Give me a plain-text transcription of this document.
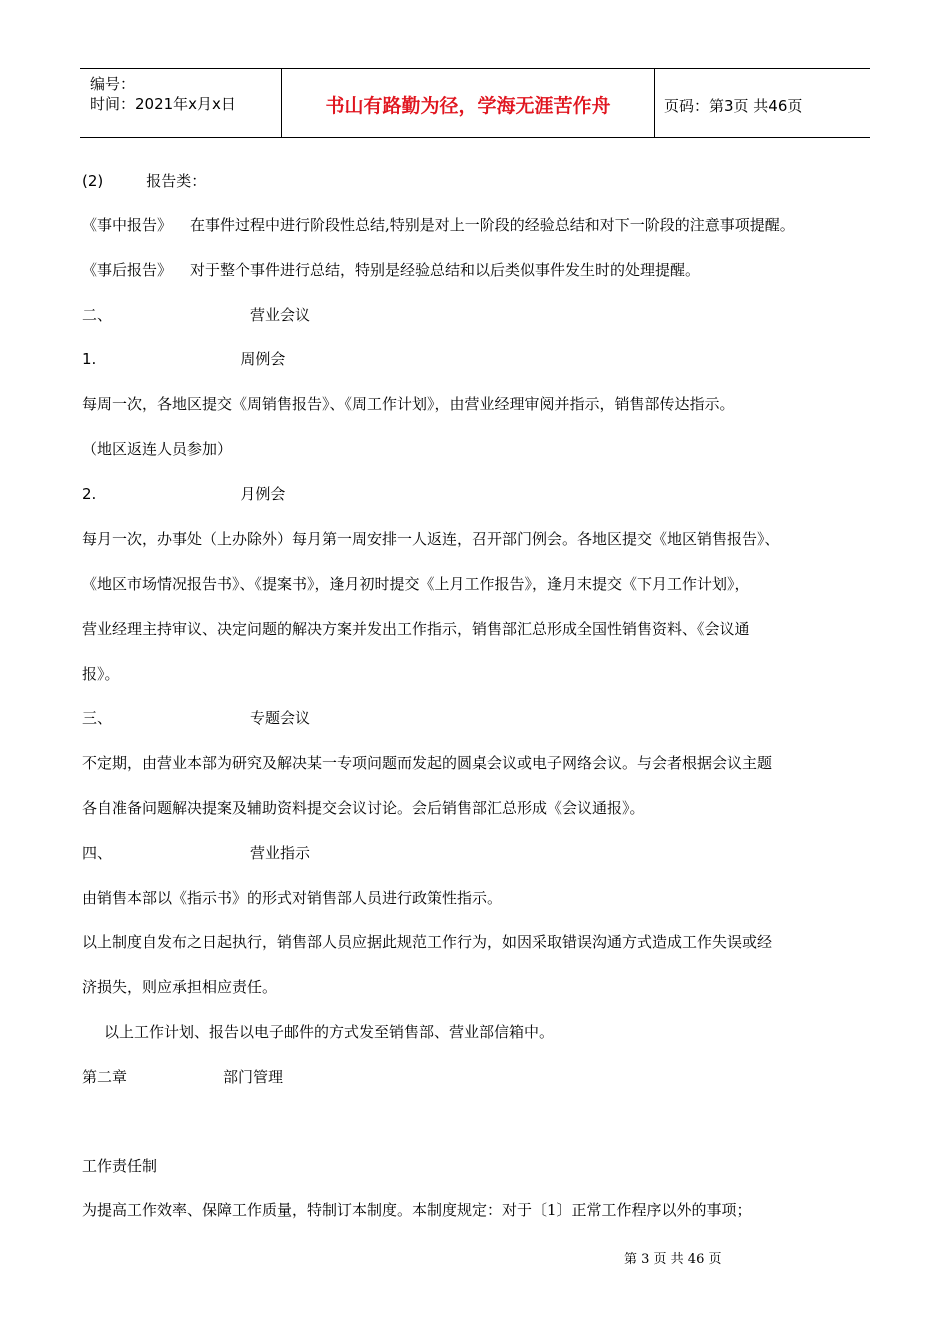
编号：
时间：2021年x月x日	书山有路勤为径，学海无涯苦作舟	页码：第3页 共46页
(2)	报告类：
《事中报告》 在事件过程中进行阶段性总结,特别是对上一阶段的经验总结和对下一阶段的注意事项提醒。
《事后报告》 对于整个事件进行总结，特别是经验总结和以后类似事件发生时的处理提醒。
二、	营业会议
1.	周例会
每周一次，各地区提交《周销售报告》、《周工作计划》，由营业经理审阅并指示，销售部传达指示。
（地区返连人员参加）
2.	月例会
每月一次，办事处（上办除外）每月第一周安排一人返连，召开部门例会。各地区提交《地区销售报告》、
《地区市场情况报告书》、《提案书》，逢月初时提交《上月工作报告》，逢月末提交《下月工作计划》，
营业经理主持审议、决定问题的解决方案并发出工作指示，销售部汇总形成全国性销售资料、《会议通
报》。
三、	专题会议
不定期，由营业本部为研究及解决某一专项问题而发起的圆桌会议或电子网络会议。与会者根据会议主题
各自准备问题解决提案及辅助资料提交会议讨论。会后销售部汇总形成《会议通报》。
四、	营业指示
由销售本部以《指示书》的形式对销售部人员进行政策性指示。
以上制度自发布之日起执行，销售部人员应据此规范工作行为，如因采取错误沟通方式造成工作失误或经
济损失，则应承担相应责任。
以上工作计划、报告以电子邮件的方式发至销售部、营业部信箱中。
第二章	部门管理
工作责任制
为提高工作效率、保障工作质量，特制订本制度。本制度规定：对于〔1〕正常工作程序以外的事项；
第 3 页 共 46 页
